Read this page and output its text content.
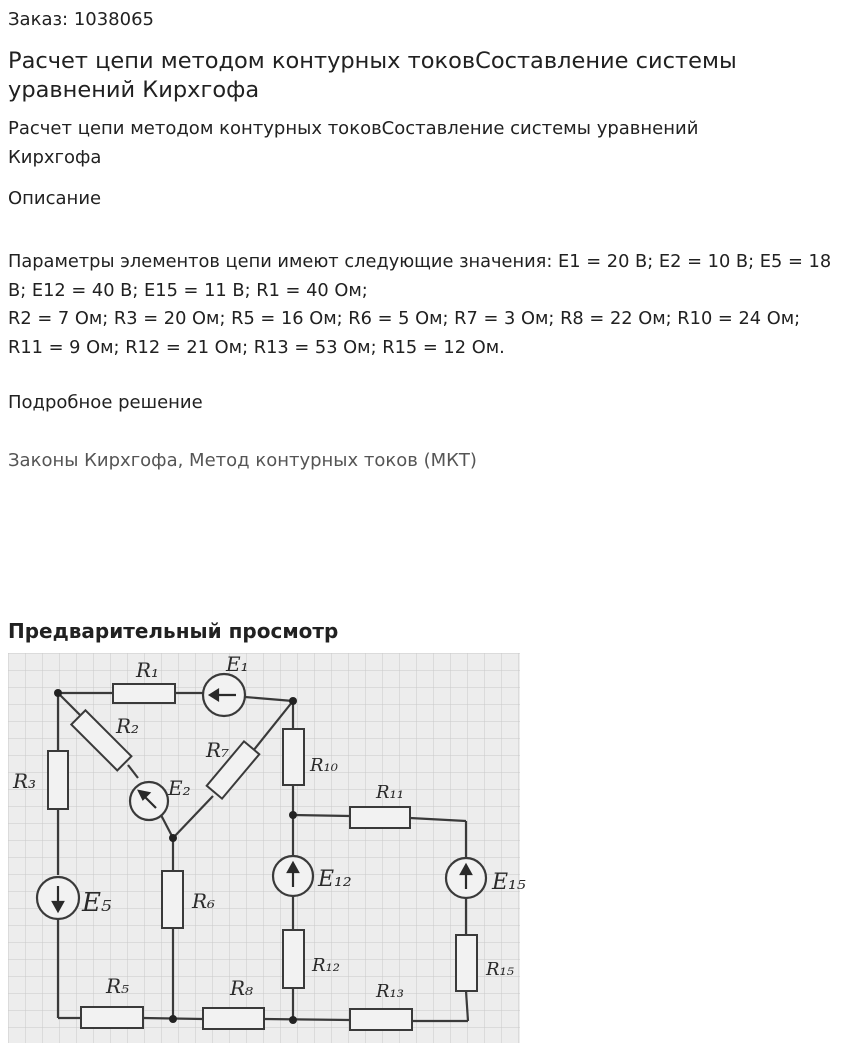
Заказ: 1038065
Расчет цепи методом контурных токовСоставление системы уравнений Кирхгофа
Расчет цепи методом контурных токовСоставление системы уравнений Кирхгофа
Описание
Параметры элементов цепи имеют следующие значения: E1 = 20 В; E2 = 10 В; E5 = 18 В; E12 = 40 В; E15 = 11 В; R1 = 40 Ом;
R2 = 7 Ом; R3 = 20 Ом; R5 = 16 Ом; R6 = 5 Ом; R7 = 3 Ом; R8 = 22 Ом; R10 = 24 Ом; R11 = 9 Ом; R12 = 21 Ом; R13 = 53 Ом; R15 = 12 Ом.
Подробное решение
Законы Кирхгофа, Метод контурных токов (МКТ)
Предварительный просмотр
R₁	E₁
R₂
R₇
E₂
R₁₀
R₃	R₁₁
E₁₂	E₁₅
E₅	R₆
R₁₂	R₁₅
R₅	R₈	R₁₃
